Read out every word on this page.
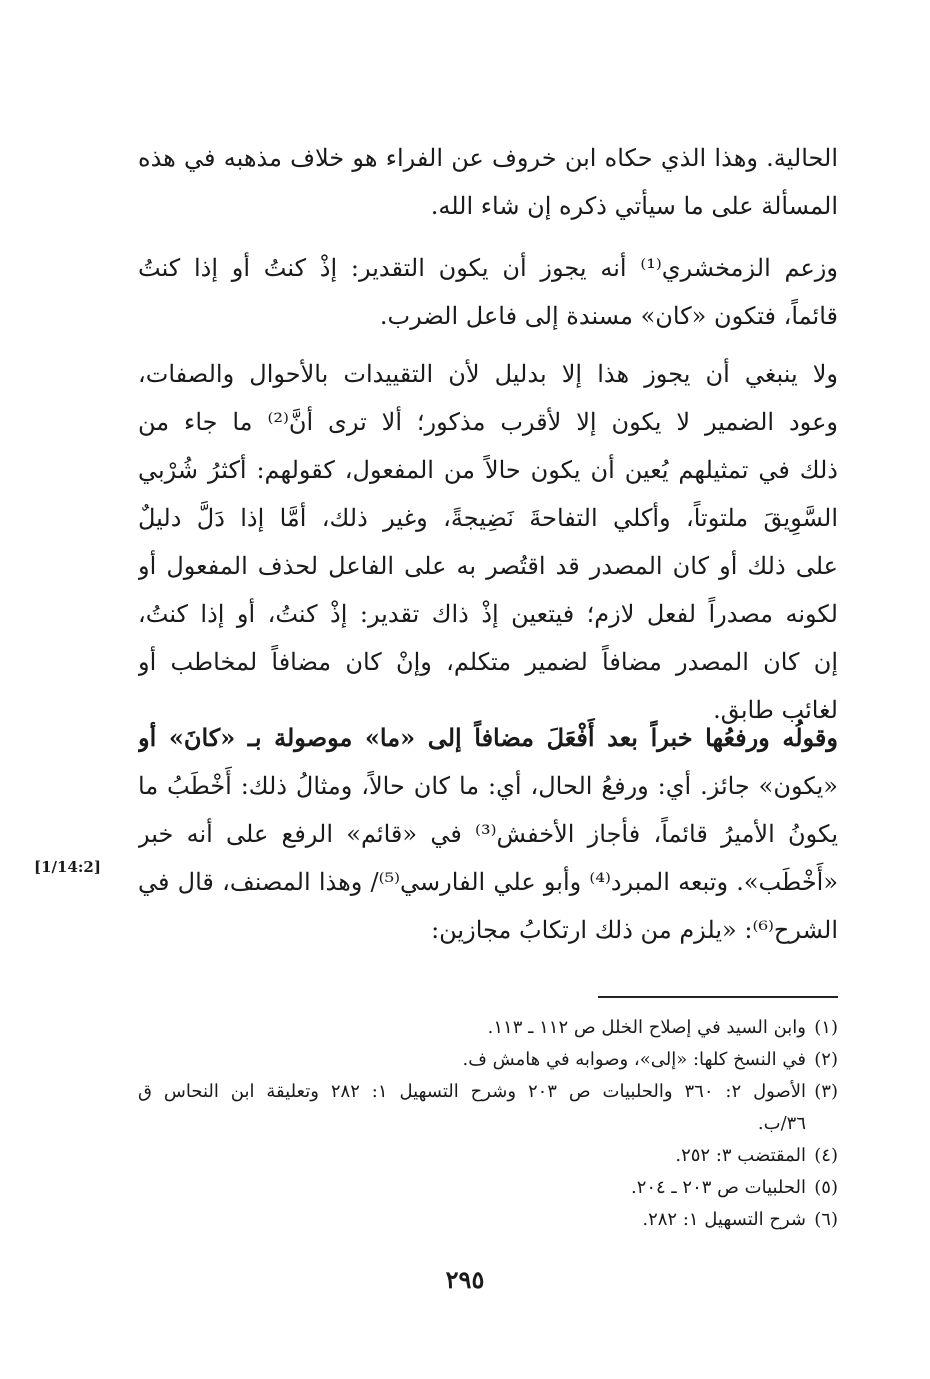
الحالية. وهذا الذي حكاه ابن خروف عن الفراء هو خلاف مذهبه في هذه
المسألة على ما سيأتي ذكره إن شاء الله.
وزعم الزمخشري⁽¹⁾ أنه يجوز أن يكون التقدير: إذْ كنتُ أو إذا كنتُ
قائماً، فتكون «كان» مسندة إلى فاعل الضرب.
ولا ينبغي أن يجوز هذا إلا بدليل لأن التقييدات بالأحوال والصفات،
وعود الضمير لا يكون إلا لأقرب مذكور؛ ألا ترى أنَّ⁽²⁾ ما جاء من
ذلك في تمثيلهم يُعين أن يكون حالاً من المفعول، كقولهم: أكثرُ شُرْبي
السَّوِيقَ ملتوتاً، وأكلي التفاحةَ نَضِيجةً، وغير ذلك، أمَّا إذا دَلَّ دليلٌ
على ذلك أو كان المصدر قد اقتُصر به على الفاعل لحذف المفعول أو
لكونه مصدراً لفعل لازم؛ فيتعين إذْ ذاك تقدير: إذْ كنتُ، أو إذا كنتُ،
إن كان المصدر مضافاً لضمير متكلم، وإنْ كان مضافاً لمخاطب أو
لغائب طابق.
وقولُه ورفعُها خبراً بعد أَفْعَلَ مضافاً إلى «ما» موصولة بـ «كانَ» أو
«يكون» جائز. أي: ورفعُ الحال، أي: ما كان حالاً، ومثالُ ذلك: أَخْطَبُ ما
يكونُ الأميرُ قائماً، فأجاز الأخفش⁽³⁾ في «قائم» الرفع على أنه خبر
«أَخْطَب». وتبعه المبرد⁽⁴⁾ وأبو علي الفارسي⁽⁵⁾/ وهذا المصنف، قال في
الشرح⁽⁶⁾: «يلزم من ذلك ارتكابُ مجازين:
[1/14:2]
(١)
وابن السيد في إصلاح الخلل ص ١١٢ ـ ١١٣.
(٢)
في النسخ كلها: «إلى»، وصوابه في هامش ف.
(٣)
الأصول ٢: ٣٦٠ والحلبيات ص ٢٠٣ وشرح التسهيل ١: ٢٨٢ وتعليقة ابن النحاس ق
٣٦/ب.
(٤)
المقتضب ٣: ٢٥٢.
(٥)
الحلبيات ص ٢٠٣ ـ ٢٠٤.
(٦)
شرح التسهيل ١: ٢٨٢.
٢٩٥
